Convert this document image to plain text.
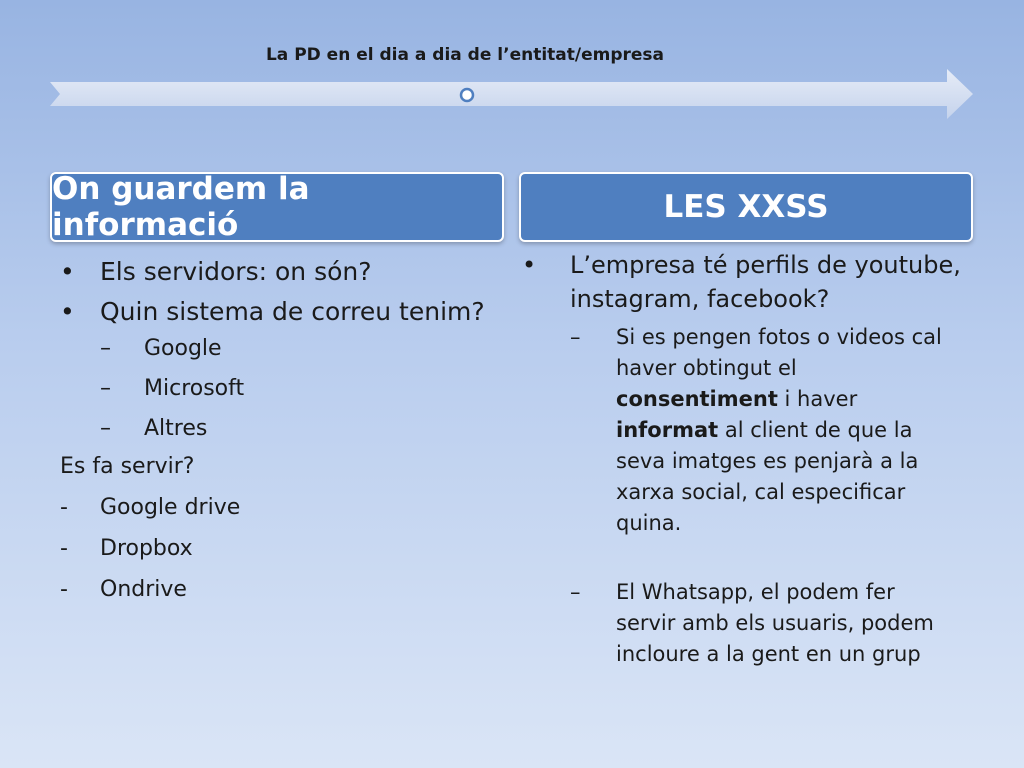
La PD en el dia a dia de l’entitat/empresa
On guardem la informació	LES XXSS
•	Els servidors: on són?
•	Quin sistema de correu tenim?
–	Google
–	Microsoft
–	Altres
Es fa servir?
-	Google drive
-	Dropbox
-	Ondrive
•	L’empresa té perfils de youtube, instagram, facebook?
–	Si es pengen fotos o videos cal haver obtingut el consentiment i haver informat al client de que la seva imatges es penjarà a la xarxa social, cal especificar quina.
–	El Whatsapp, el podem fer servir amb els usuaris, podem incloure a la gent en un grup
